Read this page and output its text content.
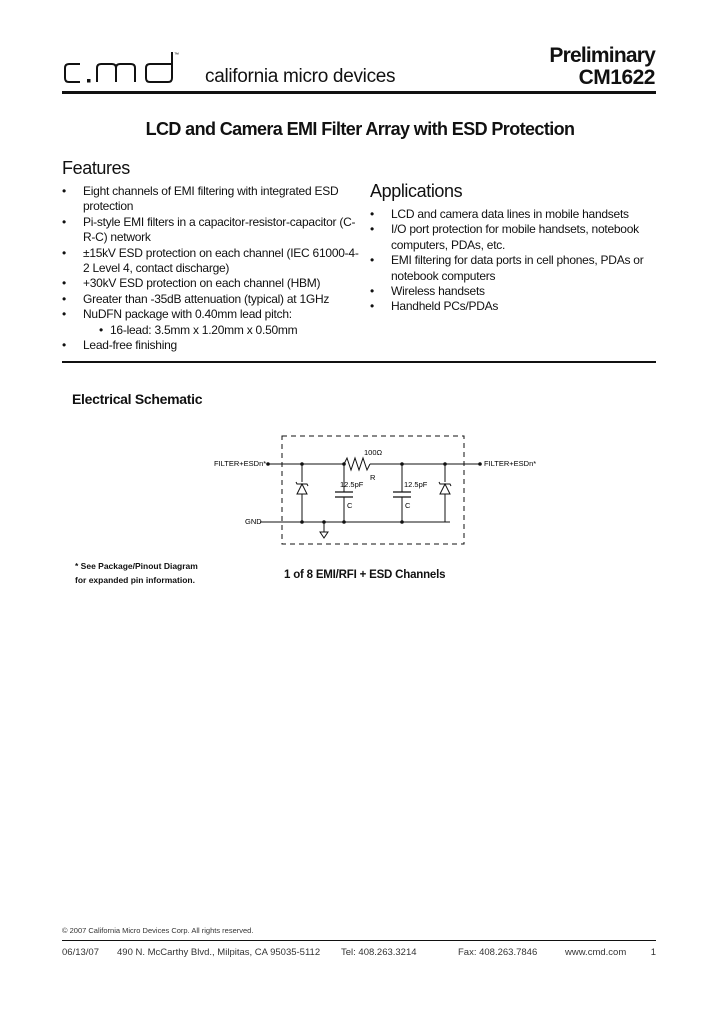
™
california micro devices
Preliminary
CM1622
LCD and Camera EMI Filter Array with ESD Protection
Features
• Eight channels of EMI filtering with integrated ESD protection
• Pi-style EMI filters in a capacitor-resistor-capacitor (C-R-C) network
• ±15kV ESD protection on each channel (IEC 61000-4-2 Level 4, contact discharge)
• +30kV ESD protection on each channel (HBM)
• Greater than -35dB attenuation (typical) at 1GHz
• NuDFN package with 0.40mm lead pitch:
• 16-lead: 3.5mm x 1.20mm x 0.50mm
• Lead-free finishing
Applications
• LCD and camera data lines in mobile handsets
• I/O port protection for mobile handsets, notebook computers, PDAs, etc.
• EMI filtering for data ports in cell phones, PDAs or notebook computers
• Wireless handsets
• Handheld PCs/PDAs
Electrical Schematic
FILTER+ESDn*	FILTER+ESDn*
GND
100Ω
R
12.5pF
C
12.5pF
C
* See Package/Pinout Diagram
for expanded pin information.	1 of 8 EMI/RFI + ESD Channels
© 2007 California Micro Devices Corp. All rights reserved.
06/13/07 490 N. McCarthy Blvd., Milpitas, CA 95035-5112 Tel: 408.263.3214	Fax: 408.263.7846	www.cmd.com	1
